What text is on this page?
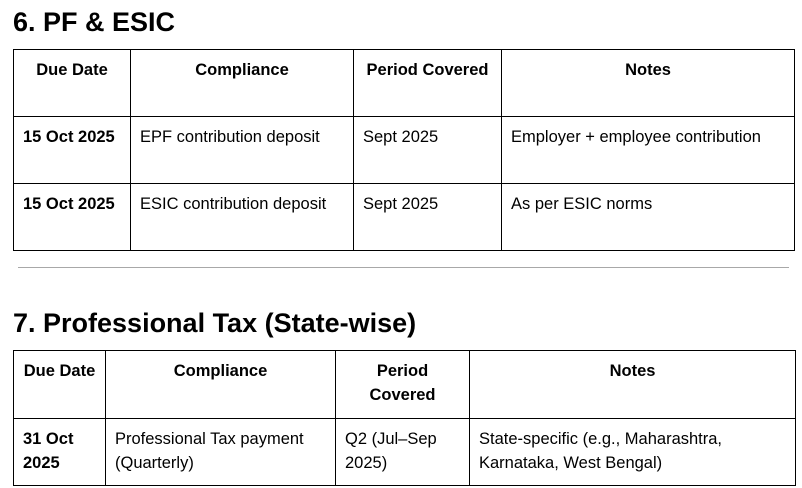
6. PF & ESIC
Due Date	Compliance	Period Covered	Notes
15 Oct 2025	EPF contribution deposit	Sept 2025	Employer + employee contribution
15 Oct 2025	ESIC contribution deposit	Sept 2025	As per ESIC norms
7. Professional Tax (State-wise)
Due Date	Compliance	Period Covered	Notes
31 Oct 2025	Professional Tax payment (Quarterly)	Q2 (Jul–Sep 2025)	State-specific (e.g., Maharashtra, Karnataka, West Bengal)
